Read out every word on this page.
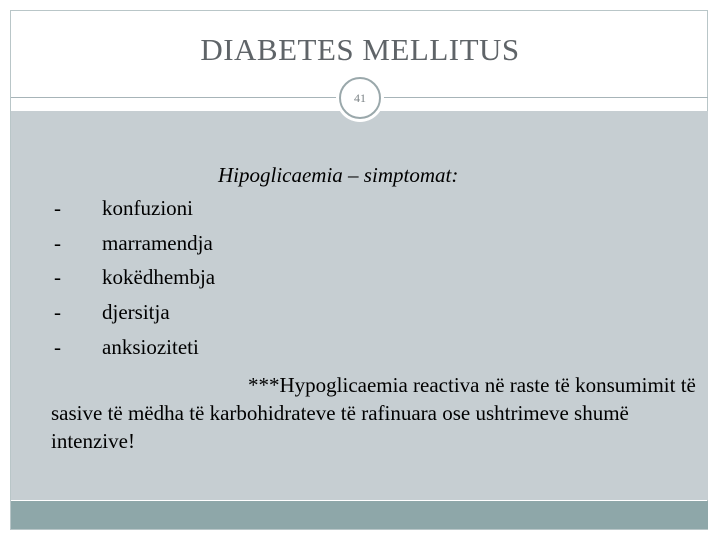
DIABETES MELLITUS
41
Hipoglicaemia – simptomat:
- konfuzioni
- marramendja
- kokëdhembja
- djersitja
- anksioziteti
***Hypoglicaemia reactiva në raste të konsumimit të sasive të mëdha të karbohidrateve të rafinuara ose ushtrimeve shumë intenzive!
